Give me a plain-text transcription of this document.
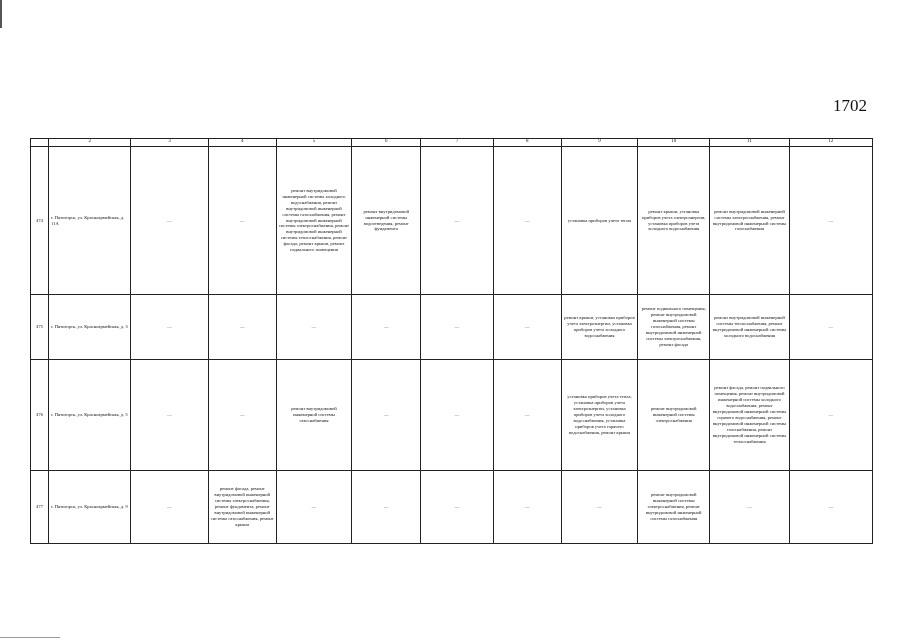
1702
	2	3	4	5	6	7	8	9	10	11	12
474	г. Пятигорск, ул. Красноармейская, д. 11А	—	—	ремонт внутридомовой инженерной системы холодного водоснабжения, ремонт внутридомовой инженерной системы газоснабжения, ремонт внутридомовой инженерной системы электроснабжения, ремонт внутридомовой инженерной системы теплоснабжения, ремонт фасада, ремонт крыши, ремонт подвального помещения	ремонт внутридомовой инженерной системы водоотведения, ремонт фундамента	—	—	установка приборов учета тепла	ремонт крыши, установка приборов учета электроэнергии, установка приборов учета холодного водоснабжения	ремонт внутридомовой инженерной системы электроснабжения, ремонт внутридомовой инженерной системы газоснабжения	—
475	г. Пятигорск, ул. Красноармейская, д. 3	—	—	—	—	—	—	ремонт крыши, установка приборов учета электроэнергии, установка приборов учета холодного водоснабжения	ремонт подвального помещения, ремонт внутридомовой инженерной системы газоснабжения, ремонт внутридомовой инженерной системы электроснабжения, ремонт фасада	ремонт внутридомовой инженерной системы теплоснабжения, ремонт внутридомовой инженерной системы холодного водоснабжения	—
476	г. Пятигорск, ул. Красноармейская, д. 5	—	—	ремонт внутридомовой инженерной системы газоснабжения	—	—	—	установка приборов учета тепла, установка приборов учета электроэнергии, установка приборов учета холодного водоснабжения, установка приборов учета горячего водоснабжения, ремонт крыши	ремонт внутридомовой инженерной системы электроснабжения	ремонт фасада, ремонт подвального помещения, ремонт внутридомовой инженерной системы холодного водоснабжения, ремонт внутридомовой инженерной системы горячего водоснабжения, ремонт внутридомовой инженерной системы газоснабжения, ремонт внутридомовой инженерной системы теплоснабжения	—
477	г. Пятигорск, ул. Красноармейская, д. 9	—	ремонт фасада, ремонт внутридомовой инженерной системы электроснабжения, ремонт фундамента, ремонт внутридомовой инженерной системы газоснабжения, ремонт крыши	—	—	—	—	—	ремонт внутридомовой инженерной системы электроснабжения, ремонт внутридомовой инженерной системы газоснабжения	—	—
